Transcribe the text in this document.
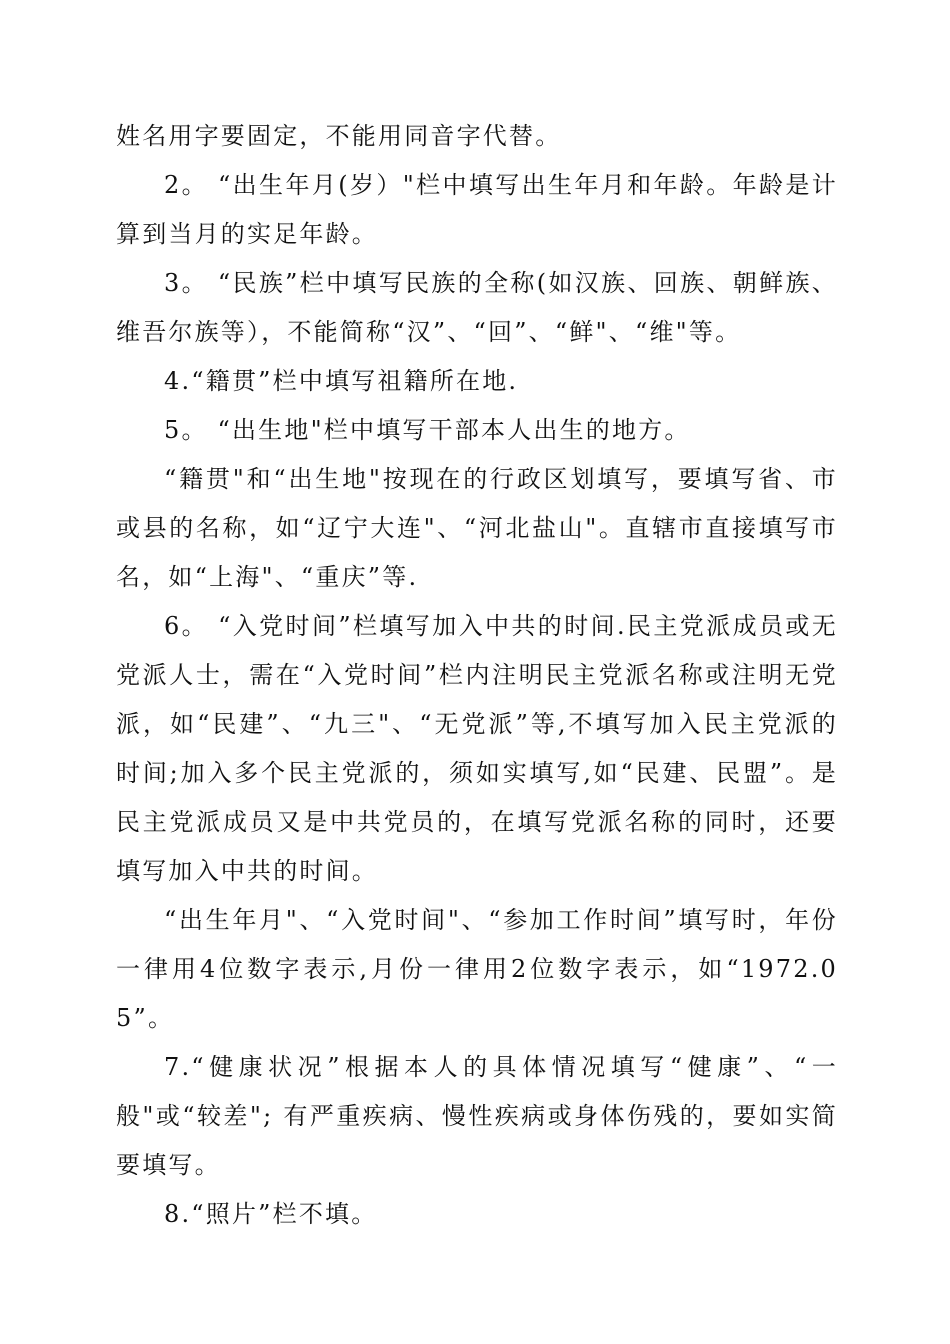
姓名用字要固定，不能用同音字代替。

2。 “出生年月(岁）"栏中填写出生年月和年龄。年龄是计算到当月的实足年龄。

3。 “民族”栏中填写民族的全称(如汉族、回族、朝鲜族、维吾尔族等），不能简称“汉”、“回”、“鲜"、“维"等。

4.“籍贯”栏中填写祖籍所在地.

5。 “出生地"栏中填写干部本人出生的地方。

“籍贯"和“出生地"按现在的行政区划填写，要填写省、市或县的名称，如“辽宁大连"、“河北盐山"。直辖市直接填写市名，如“上海"、“重庆”等.

6。 “入党时间”栏填写加入中共的时间.民主党派成员或无党派人士，需在“入党时间”栏内注明民主党派名称或注明无党派，如“民建”、“九三"、“无党派”等,不填写加入民主党派的时间;加入多个民主党派的，须如实填写,如“民建、民盟”。是民主党派成员又是中共党员的，在填写党派名称的同时，还要填写加入中共的时间。

“出生年月"、“入党时间"、“参加工作时间”填写时，年份一律用4位数字表示,月份一律用2位数字表示，如“1972.05”。

7.“健康状况”根据本人的具体情况填写“健康”、“一般"或“较差"; 有严重疾病、慢性疾病或身体伤残的，要如实简要填写。

8.“照片”栏不填。
